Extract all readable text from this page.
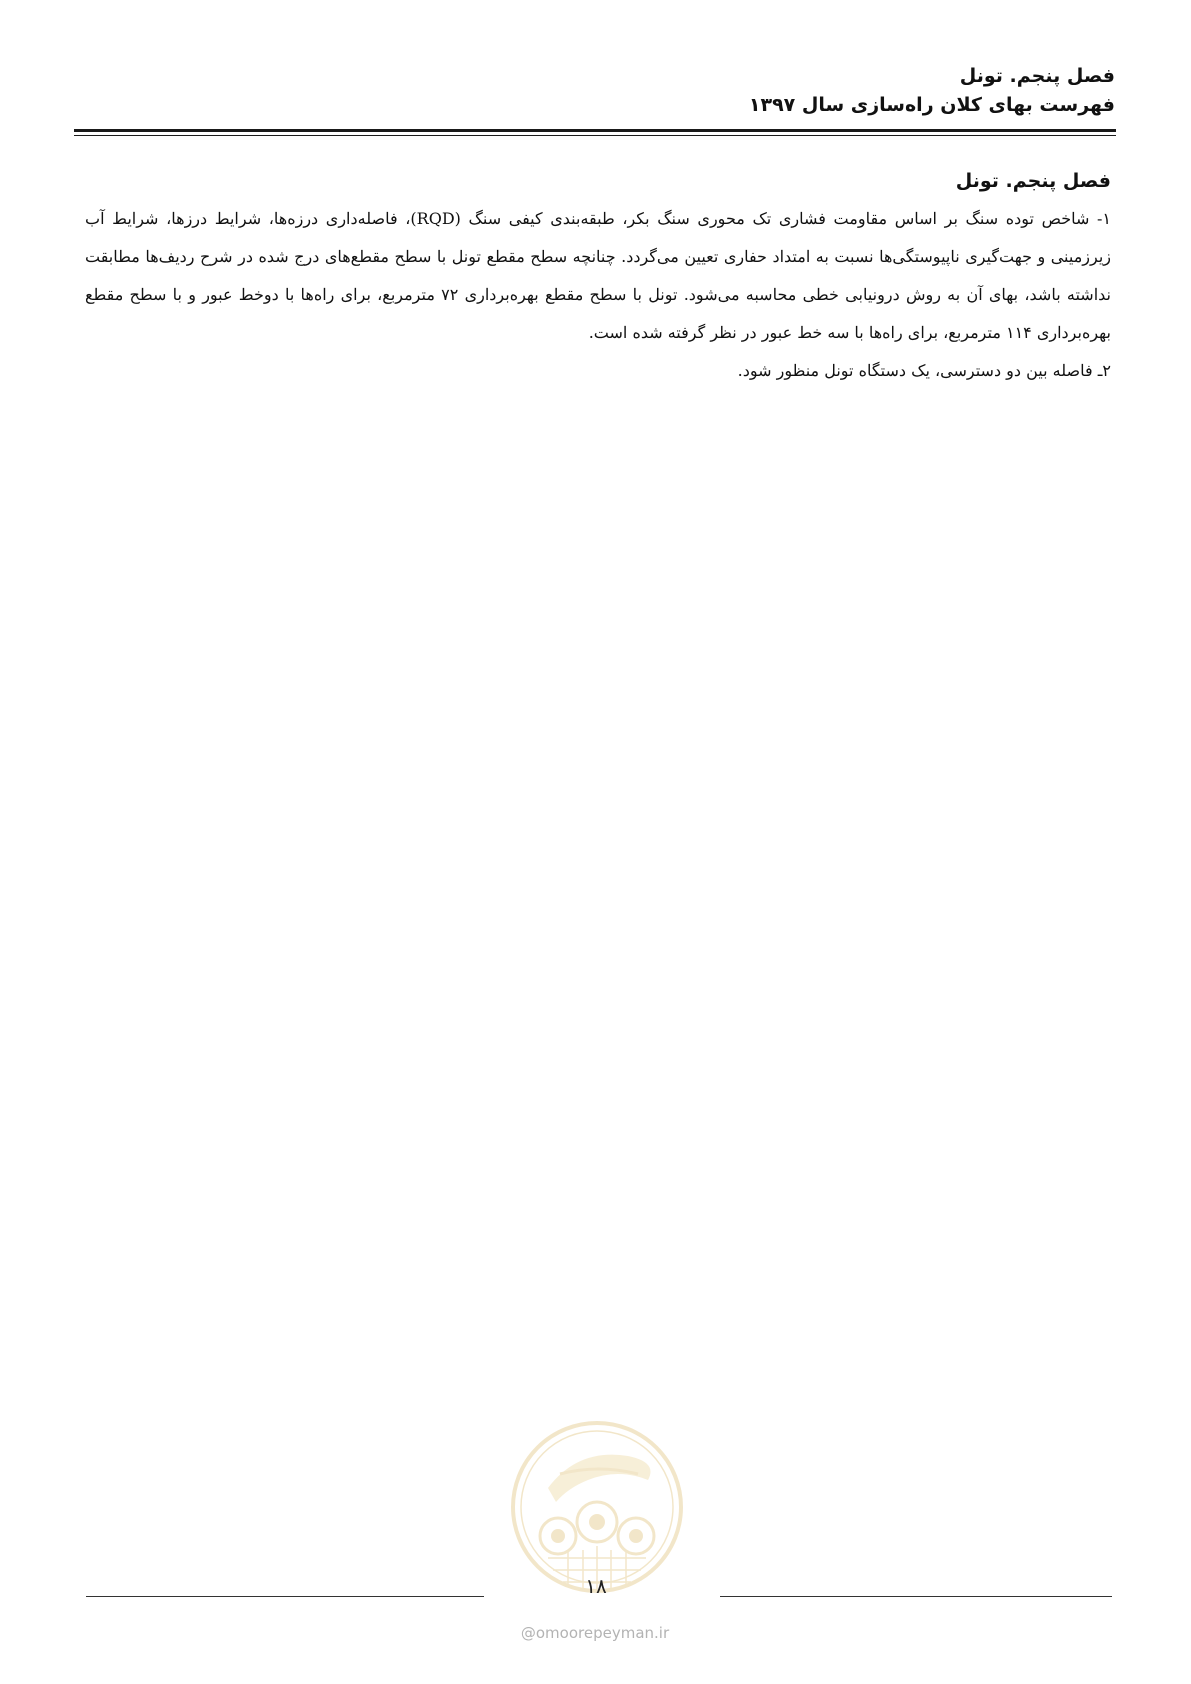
فصل پنجم. تونل
فهرست بهای کلان راه‌سازی سال ۱۳۹۷
فصل پنجم. تونل

۱- شاخص توده سنگ بر اساس مقاومت فشاری تک محوری سنگ بکر، طبقه‌بندی کیفی سنگ (RQD)، فاصله‌داری درزه‌ها، شرایط درزها، شرایط آب زیرزمینی و جهت‌گیری ناپیوستگی‌ها نسبت به امتداد حفاری تعیین می‌گردد. چنانچه سطح مقطع تونل با سطح مقطع‌های درج شده در شرح ردیف‌ها مطابقت نداشته باشد، بهای آن به روش درونیابی خطی محاسبه می‌شود. تونل با سطح مقطع بهره‌برداری ۷۲ مترمربع، برای راه‌ها با دوخط عبور و با سطح مقطع بهره‌برداری ۱۱۴ مترمربع، برای راه‌ها با سه خط عبور در نظر گرفته شده است.

۲ـ فاصله بین دو دسترسی، یک دستگاه تونل منظور شود.

۱۸
@omoorepeyman.ir
